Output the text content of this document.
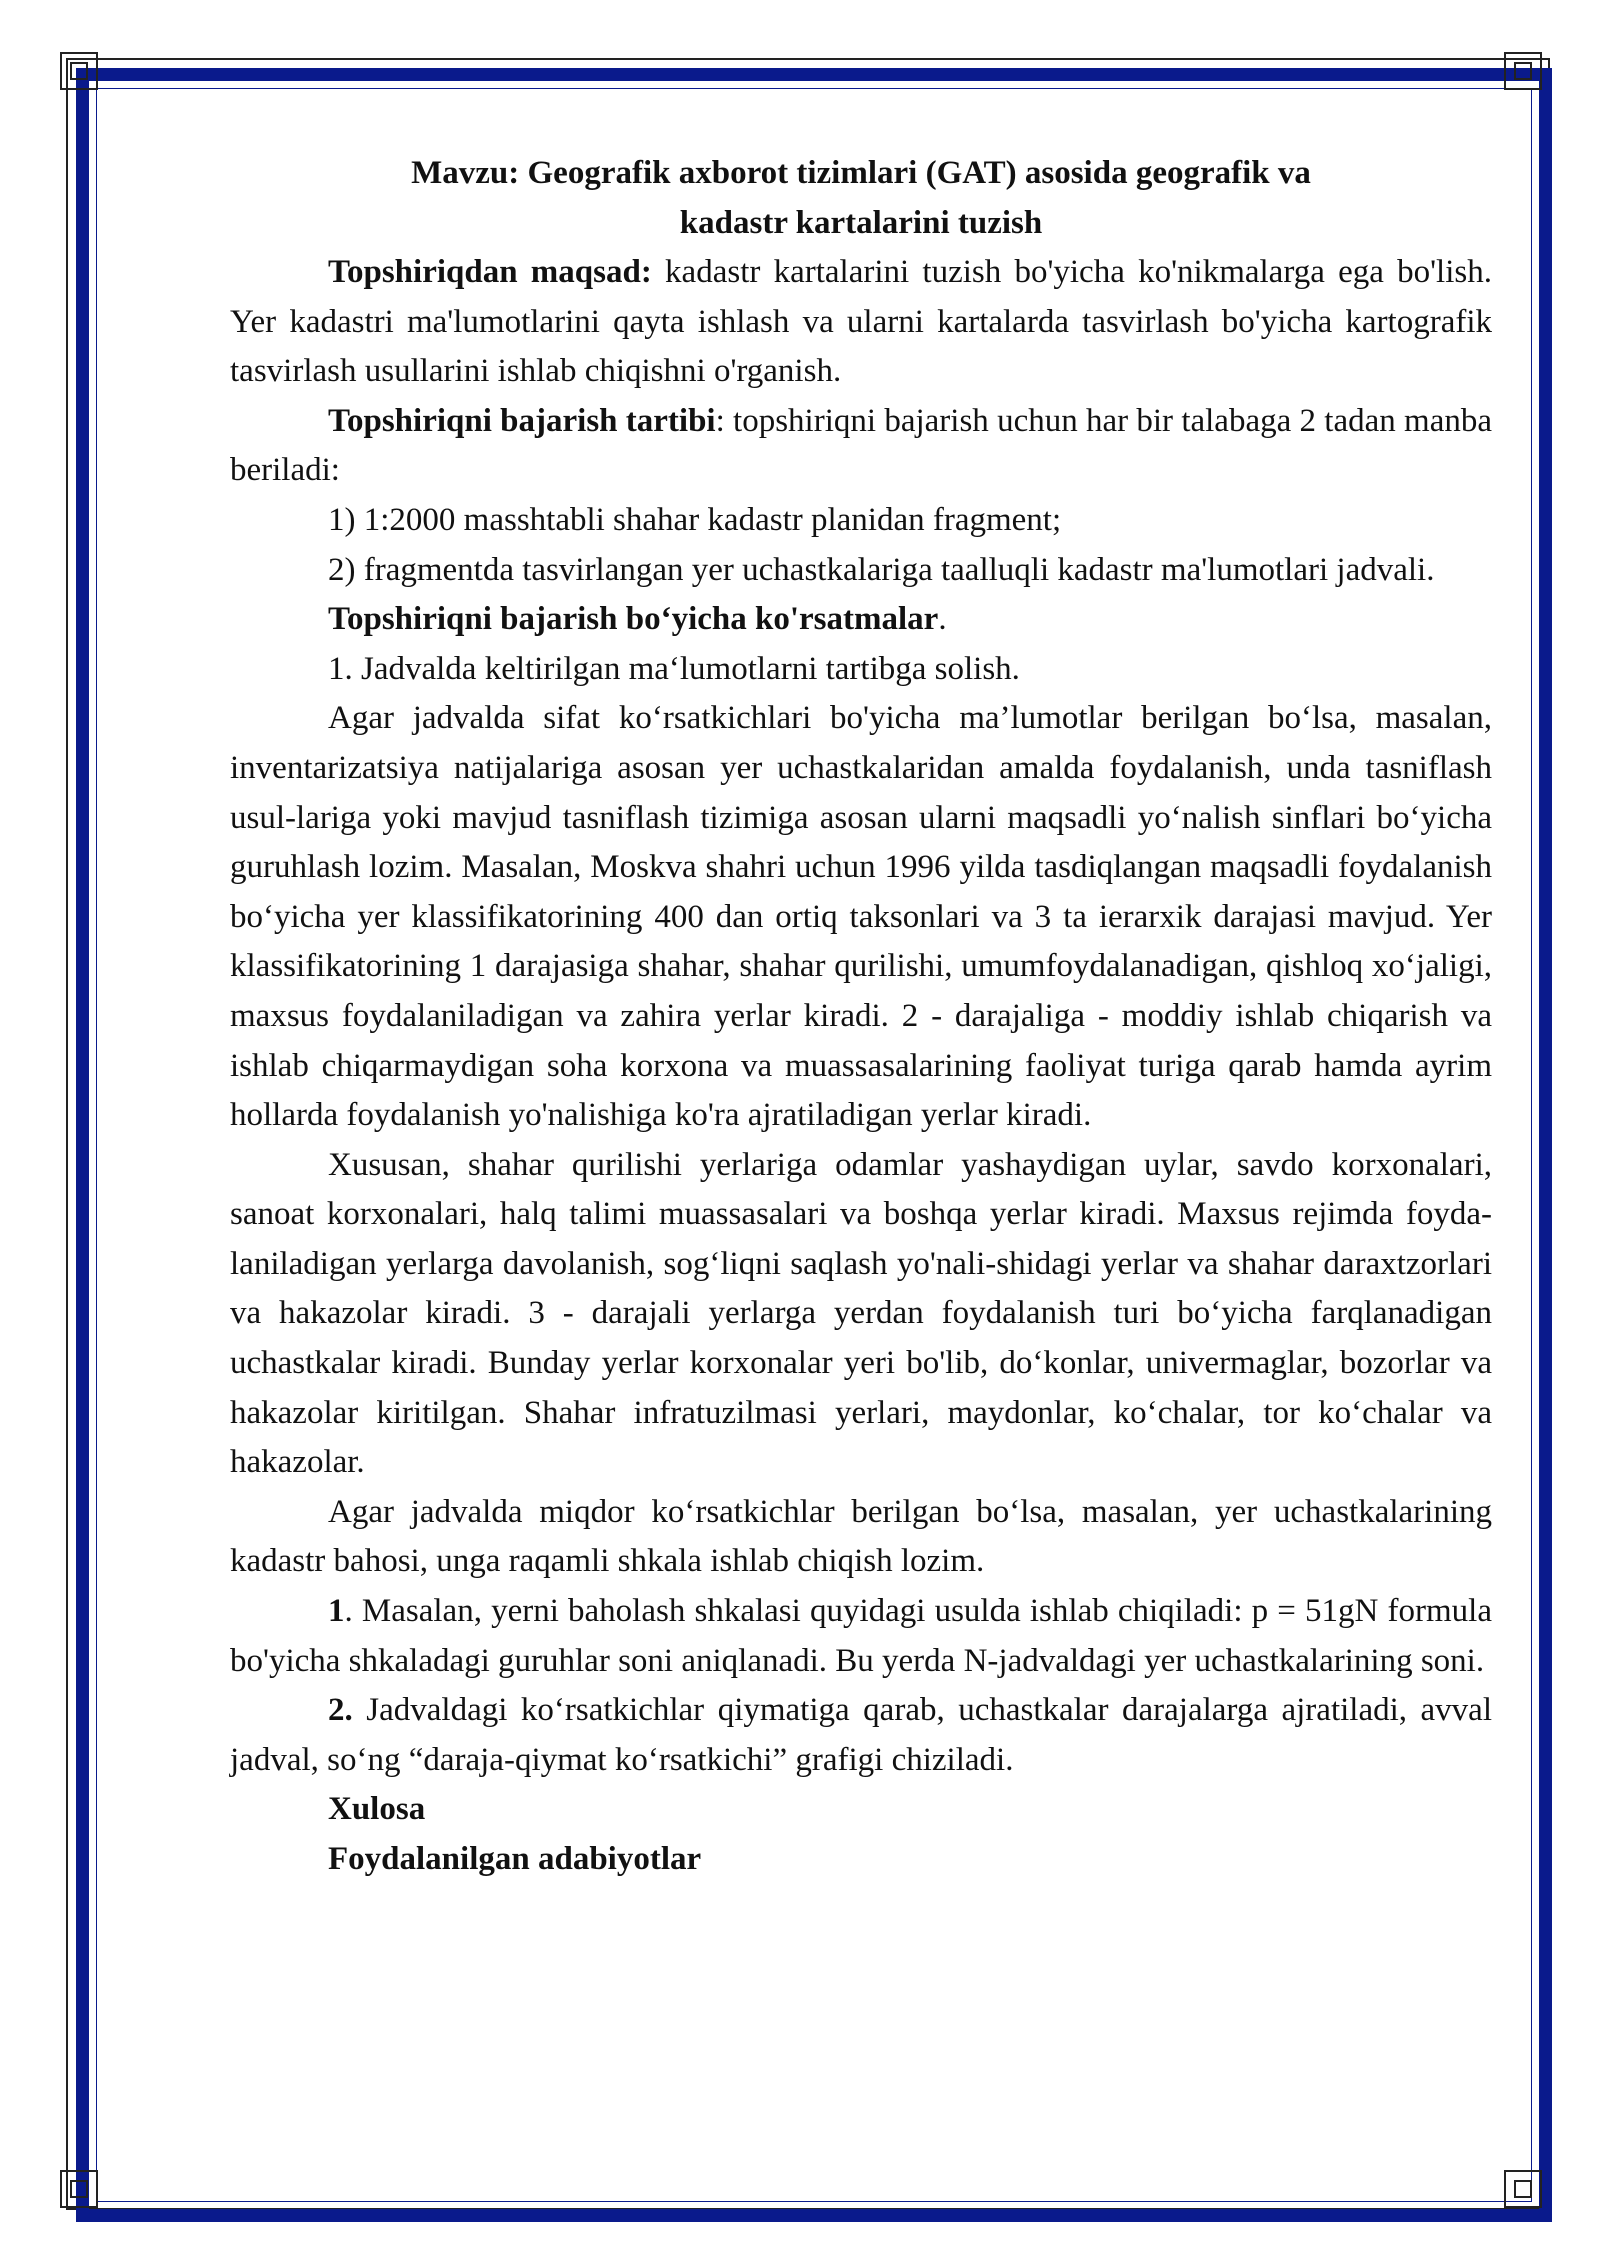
Mavzu: Geografik axborot tizimlari (GAT) asosida geografik va
kadastr kartalarini tuzish

Topshiriqdan maqsad: kadastr kartalarini tuzish bo'yicha ko'nikmalarga ega bo'lish. Yer kadastri ma'lumotlarini qayta ishlash va ularni kartalarda tasvirlash bo'yicha kartografik tasvirlash usullarini ishlab chiqishni o'rganish.

Topshiriqni bajarish tartibi: topshiriqni bajarish uchun har bir talabaga 2 tadan manba beriladi:

1) 1:2000 masshtabli shahar kadastr planidan fragment;

2) fragmentda tasvirlangan yer uchastkalariga taalluqli kadastr ma'lumotlari jadvali.

Topshiriqni bajarish bo‘yicha ko'rsatmalar.

1. Jadvalda keltirilgan ma‘lumotlarni tartibga solish.

Agar jadvalda sifat ko‘rsatkichlari bo'yicha ma’lumotlar berilgan bo‘lsa, masalan, inventarizatsiya natijalariga asosan yer uchastkalaridan amalda foydalanish, unda tasniflash usul-lariga yoki mavjud tasniflash tizimiga asosan ularni maqsadli yo‘nalish sinflari bo‘yicha guruhlash lozim. Masalan, Moskva shahri uchun 1996 yilda tasdiqlangan maqsadli foydalanish bo‘yicha yer klassifikatorining 400 dan ortiq taksonlari va 3 ta ierarxik darajasi mavjud. Yer klassifikatorining 1 darajasiga shahar, shahar qurilishi, umumfoydalanadigan, qishloq xo‘jaligi, maxsus foydalaniladigan va zahira yerlar kiradi. 2 - darajaliga - moddiy ishlab chiqarish va ishlab chiqarmaydigan soha korxona va muassasalarining faoliyat turiga qarab hamda ayrim hollarda foydalanish yo'nalishiga ko'ra ajratiladigan yerlar kiradi.

Xususan, shahar qurilishi yerlariga odamlar yashaydigan uylar, savdo korxonalari, sanoat korxonalari, halq talimi muassasalari va boshqa yerlar kiradi. Maxsus rejimda foyda-laniladigan yerlarga davolanish, sog‘liqni saqlash yo'nali-shidagi yerlar va shahar daraxtzorlari va hakazolar kiradi. 3 - darajali yerlarga yerdan foydalanish turi bo‘yicha farqlanadigan uchastkalar kiradi. Bunday yerlar korxonalar yeri bo'lib, do‘konlar, univermaglar, bozorlar va hakazolar kiritilgan. Shahar infratuzilmasi yerlari, maydonlar, ko‘chalar, tor ko‘chalar va hakazolar.

Agar jadvalda miqdor ko‘rsatkichlar berilgan bo‘lsa, masalan, yer uchastkalarining kadastr bahosi, unga raqamli shkala ishlab chiqish lozim.

1. Masalan, yerni baholash shkalasi quyidagi usulda ishlab chiqiladi: p = 51gN formula bo'yicha shkaladagi guruhlar soni aniqlanadi. Bu yerda N-jadvaldagi yer uchastkalarining soni.

2. Jadvaldagi ko‘rsatkichlar qiymatiga qarab, uchastkalar darajalarga ajratiladi, avval jadval, so‘ng “daraja-qiymat ko‘rsatkichi” grafigi chiziladi.

Xulosa

Foydalanilgan adabiyotlar
